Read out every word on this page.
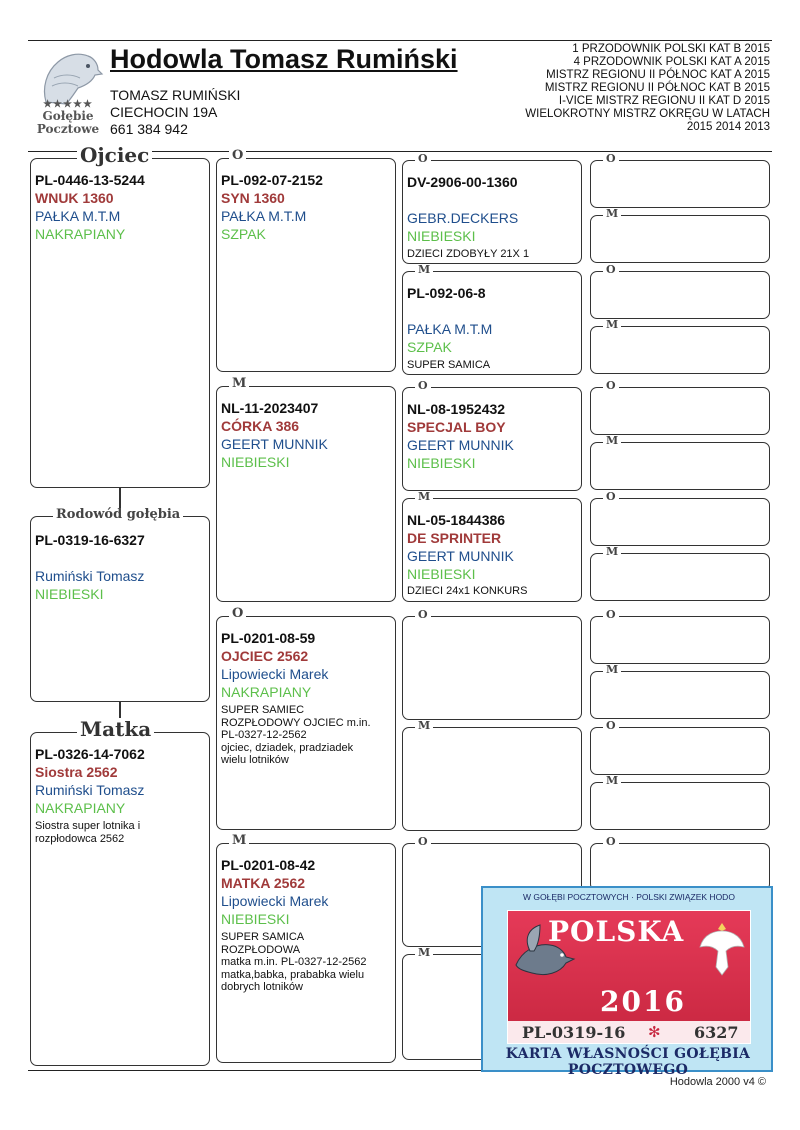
★★★★★
Gołębie
Pocztowe
Hodowla Tomasz Rumiński
TOMASZ RUMIŃSKI
CIECHOCIN 19A
661 384 942
1 PRZODOWNIK POLSKI KAT B 2015
4 PRZODOWNIK POLSKI KAT A 2015
MISTRZ REGIONU II PÓŁNOC KAT A 2015
MISTRZ REGIONU II PÓŁNOC KAT B 2015
I-VICE MISTRZ REGIONU II KAT D 2015
WIELOKROTNY MISTRZ OKRĘGU W LATACH
2015 2014 2013
Ojciec
PL-0446-13-5244
WNUK 1360
PAŁKA M.T.M
NAKRAPIANY
Rodowód gołębia
PL-0319-16-6327
Rumiński Tomasz
NIEBIESKI
Matka
PL-0326-14-7062
Siostra 2562
Rumiński Tomasz
NAKRAPIANY
Siostra super lotnika i rozpłodowca 2562
O
PL-092-07-2152
SYN 1360
PAŁKA M.T.M
SZPAK
M
NL-11-2023407
CÓRKA 386
GEERT MUNNIK
NIEBIESKI
O
PL-0201-08-59
OJCIEC 2562
Lipowiecki Marek
NAKRAPIANY
SUPER SAMIEC
ROZPŁODOWY OJCIEC m.in.
PL-0327-12-2562
ojciec, dziadek, pradziadek
wielu lotników
M
PL-0201-08-42
MATKA 2562
Lipowiecki Marek
NIEBIESKI
SUPER SAMICA
ROZPŁODOWA
matka m.in. PL-0327-12-2562
matka,babka, prababka wielu
dobrych lotników
O
DV-2906-00-1360
GEBR.DECKERS
NIEBIESKI
DZIECI ZDOBYŁY 21X 1
M
PL-092-06-8
PAŁKA M.T.M
SZPAK
SUPER SAMICA
O
NL-08-1952432
SPECJAL BOY
GEERT MUNNIK
NIEBIESKI
M
NL-05-1844386
DE SPRINTER
GEERT MUNNIK
NIEBIESKI
DZIECI 24x1 KONKURS
O
M
O
M
O
M
O
M
O
M
O
M
O
M
O
M
O
W GOŁĘBI POCZTOWYCH · POLSKI ZWIĄZEK HODO
POLSKA
2016
PL-0319-16 ✻ 6327
KARTA WŁASNOŚCI GOŁĘBIA POCZTOWEGO
Hodowla 2000 v4 ©
